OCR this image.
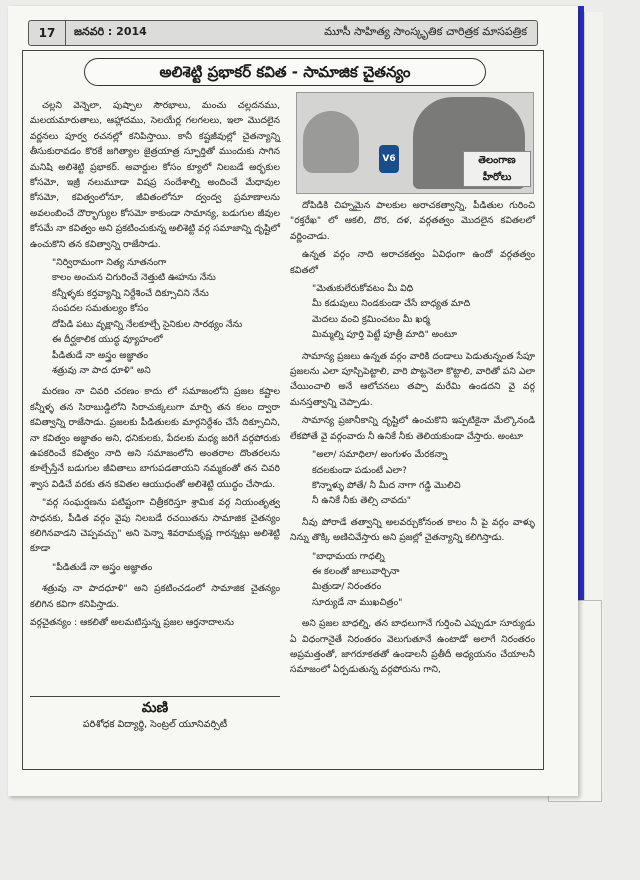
17	జనవరి : 2014	మూసీ సాహిత్య సాంస్కృతిక చారిత్రక మాసపత్రిక
అలిశెట్టి ప్రభాకర్ కవిత - సామాజిక చైతన్యం
V6	తెలంగాణ హీరోలు

చల్లని వెన్నెలా, పుష్పాల సౌరభాలు, మంచు చల్లదనము, మలయమారుతాలు, ఆహ్లాదము, సెలయేర్ల గలగలలు, ఇలా మొదలైన వర్ణనలు పూర్వ రచనల్లో కనిపిస్తాయి. కానీ కష్టజీవుల్లో చైతన్యాన్ని తీసుకురావడం కొరకే జగిత్యాల జైత్రయాత్ర స్ఫూర్తితో ముందుకు సాగిన మనిషి అలిశెట్టి ప్రభాకర్. అవార్డుల కోసం క్యూలో నిలబడే అర్భకుల కోసమో, ఇజ్రీ నలుమూడా విషప్ర సందేశాల్ని అందించే మేధావుల కోసమో, కవిత్వంలోనూ, జీవితంలోనూ ద్వంద్వ ప్రమాణాలను అవలంబించే దౌర్భాగ్యుల కోసమో కాకుండా సామాన్య, బడుగుల జీవుల కోసమే నా కవిత్వం అని ప్రకటించుకున్న అలిశెట్టి వర్గ సమాజాన్ని దృష్టిలో ఉంచుకొని తన కవిత్వాన్ని రాజేసాడు.

"నిర్విరామంగా నిత్య నూతనంగా
కాలం అంచున చిగురించే నెత్తుటి ఊహను నేను
కన్నీళ్ళకు కర్తవ్యాన్ని నిర్దేశించే దిక్సూచిని నేను
సంపదల సమతుల్యం కోసం
దోపిడి పటు వృక్షాన్ని నేలకూల్చే సైనికుల సారథ్యం నేను
ఈ దీర్ఘకాలిక యుద్ధ వ్యూహంలో
పీడితుడే నా అస్త్రం అజ్ఞాతం
శత్రువు నా పాద ధూళి" అని

మరణం నా చివరి చరణం కాదు లో సమాజంలోని ప్రజల కష్టాల కన్నీళ్ళ తన సిరాబుడ్డిలోని సిరాచుక్కలుగా మార్చి తన కలం ద్వారా కవిత్వాన్ని రాజేసాడు. ప్రజలకు పీడితులకు మార్గనిర్దేశం చేసే దిక్సూచిని, నా కవిత్వం అజ్ఞాతం అని, ధనికులకు, పేదలకు మధ్య జరిగే వర్గపోరుకు ఉపకరించే కవిత్వం నాది అని సమాజంలోని అంతరాల దొంతరలను కూల్చేస్తేనే బడుగుల జీవితాలు బాగుపడతాయని నమ్మకంతో తన చివరి శ్వాస విడిచే వరకు తన కవితల ఆయుధంతో అలిశెట్టి యుద్ధం చేసాడు.

"వర్గ సంఘర్షణను పటిష్టంగా చిత్రీకరిస్తూ శ్రామిక వర్గ నియంతృత్వ సాధనకు, పీడిత వర్గం వైపు నిలబడే రచయితను సామాజిక చైతన్యం కలిగినవాడని చెప్పవచ్చు" అని పెన్నా శివరామకృష్ణ గారన్నట్లు అలిశెట్టి కూడా

"పీడితుడే నా అస్త్రం అజ్ఞాతం

శత్రువు నా పాదధూళి" అని ప్రకటించడంలో సామాజిక చైతన్యం కలిగిన కవిగా కనిపిస్తాడు.

వర్గచైతన్యం : ఆకలితో అలమటిస్తున్న ప్రజల ఆర్తనాదాలను

మణి
పరిశోధక విద్యార్థి, సెంట్రల్ యూనివర్సిటీ

దోపిడికి చిహ్నమైన పాలకుల అరాచకత్వాన్ని, పీడితుల గురించి "రక్తరేఖ" లో ఆకలి, దొర, దళ, వర్గతత్వం మొదలైన కవితలలో వర్ణించాడు.

ఉన్నత వర్గం నాది అరాచకత్వం ఏవిధంగా ఉందో వర్గతత్వం కవితలో

"మెతుకులేరుకోవటం మీ విధి
మీ కడుపులు నిండకుండా చేసే బాధ్యత మాది
మెదలు వంచి క్రమించటం మీ ఖర్మ
మిమ్మల్ని పూర్తి పెట్టే పూత్రీ మాది" అంటూ

సామాన్య ప్రజలు ఉన్నత వర్గం వారికి దండాలు పెడుతున్నంత సేపూ ప్రజలను ఎలా పూస్చిపెట్టాలి, వారి పొట్టనెలా కొట్టాలి, వారితో పని ఎలా చేయించాలి అనే ఆలోచనలు తప్పా మరేమి ఉండదని వై వర్గ మనస్తత్వాన్ని చెప్పాడు.

సామాన్య ప్రజానీకాన్ని దృష్టిలో ఉంచుకొని ఇప్పటికైనా మేల్కొనండి లేకపోతే వై వర్గంవారు నీ ఉనికే నీకు తెలియకుండా చేస్తారు. అంటూ

"అలా/ సమాధిలా/ అంగుళం మేరకన్నా
కదలకుండా పడుంటే ఎలా?
కొన్నాళ్ళు పోతే/ నీ మీద నాగా గడ్డి మొలిచి
నీ ఉనికే నీకు తెల్సి చావదు"

నీవు పోరాడే తత్వాన్ని అలవర్చుకోనంత కాలం నీ పై వర్గం వాళ్ళు నిన్ను తొక్కి అణిచివేస్తారు అని ప్రజల్లో చైతన్యాన్ని కలిగిస్తాడు.

"బాధామయ గాధల్ని
ఈ కలంతో జాలువార్చినా
మిత్రుడా/ నిరంతరం
సూర్యుడే నా ముఖచిత్రం"

అని ప్రజల బాధల్ని, తన బాధలుగానే గుర్తించి ఎప్పుడూ సూర్యుడు ఏ విధంగానైతే నిరంతరం వెలుగుతూనే ఉంటాడో అలాగే నిరంతరం అప్రమత్తంతో, జాగరూకతతో ఉండాలనీ ప్రతీదీ అధ్యయనం చేయాలనీ సమాజంలో ఏర్పడుతున్న వర్గపోరును గాని,
